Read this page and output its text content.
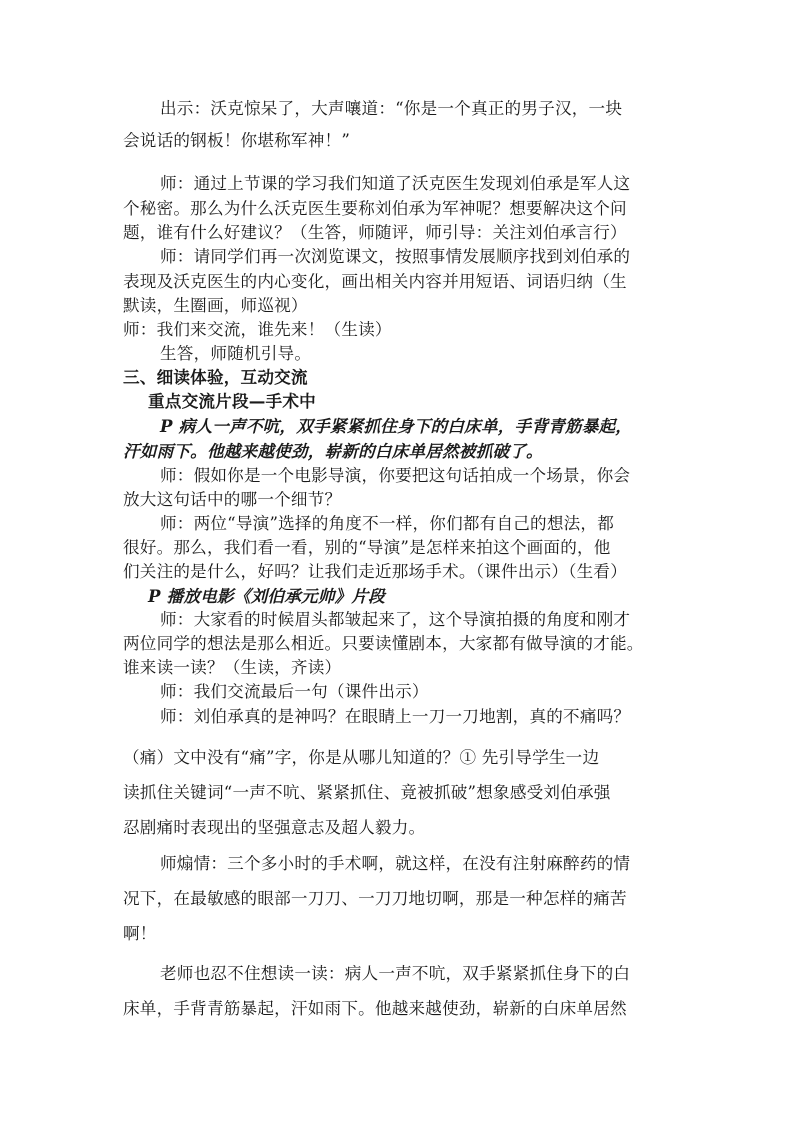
出示：沃克惊呆了，大声嚷道：“你是一个真正的男子汉，一块
会说话的钢板！你堪称军神！”
师：通过上节课的学习我们知道了沃克医生发现刘伯承是军人这
个秘密。那么为什么沃克医生要称刘伯承为军神呢？想要解决这个问
题，谁有什么好建议？（生答，师随评，师引导：关注刘伯承言行）
师：请同学们再一次浏览课文，按照事情发展顺序找到刘伯承的
表现及沃克医生的内心变化，画出相关内容并用短语、词语归纳（生
默读，生圈画，师巡视）
师：我们来交流，谁先来！（生读）
生答，师随机引导。
三、细读体验，互动交流
重点交流片段—手术中
P 病人一声不吭，双手紧紧抓住身下的白床单，手背青筋暴起，
汗如雨下。他越来越使劲，崭新的白床单居然被抓破了。
师：假如你是一个电影导演，你要把这句话拍成一个场景，你会
放大这句话中的哪一个细节？
师：两位“导演”选择的角度不一样，你们都有自己的想法，都
很好。那么，我们看一看，别的“导演”是怎样来拍这个画面的，他
们关注的是什么，好吗？让我们走近那场手术。（课件出示）（生看）
P 播放电影《刘伯承元帅》片段
师：大家看的时候眉头都皱起来了，这个导演拍摄的角度和刚才
两位同学的想法是那么相近。只要读懂剧本，大家都有做导演的才能。
谁来读一读？（生读，齐读）
师：我们交流最后一句（课件出示）
师：刘伯承真的是神吗？在眼睛上一刀一刀地割，真的不痛吗？
（痛）文中没有“痛”字，你是从哪儿知道的？① 先引导学生一边
读抓住关键词“一声不吭、紧紧抓住、竟被抓破”想象感受刘伯承强
忍剧痛时表现出的坚强意志及超人毅力。
师煽情：三个多小时的手术啊，就这样，在没有注射麻醉药的情
况下，在最敏感的眼部一刀刀、一刀刀地切啊，那是一种怎样的痛苦
啊！
老师也忍不住想读一读：病人一声不吭，双手紧紧抓住身下的白
床单，手背青筋暴起，汗如雨下。他越来越使劲，崭新的白床单居然
